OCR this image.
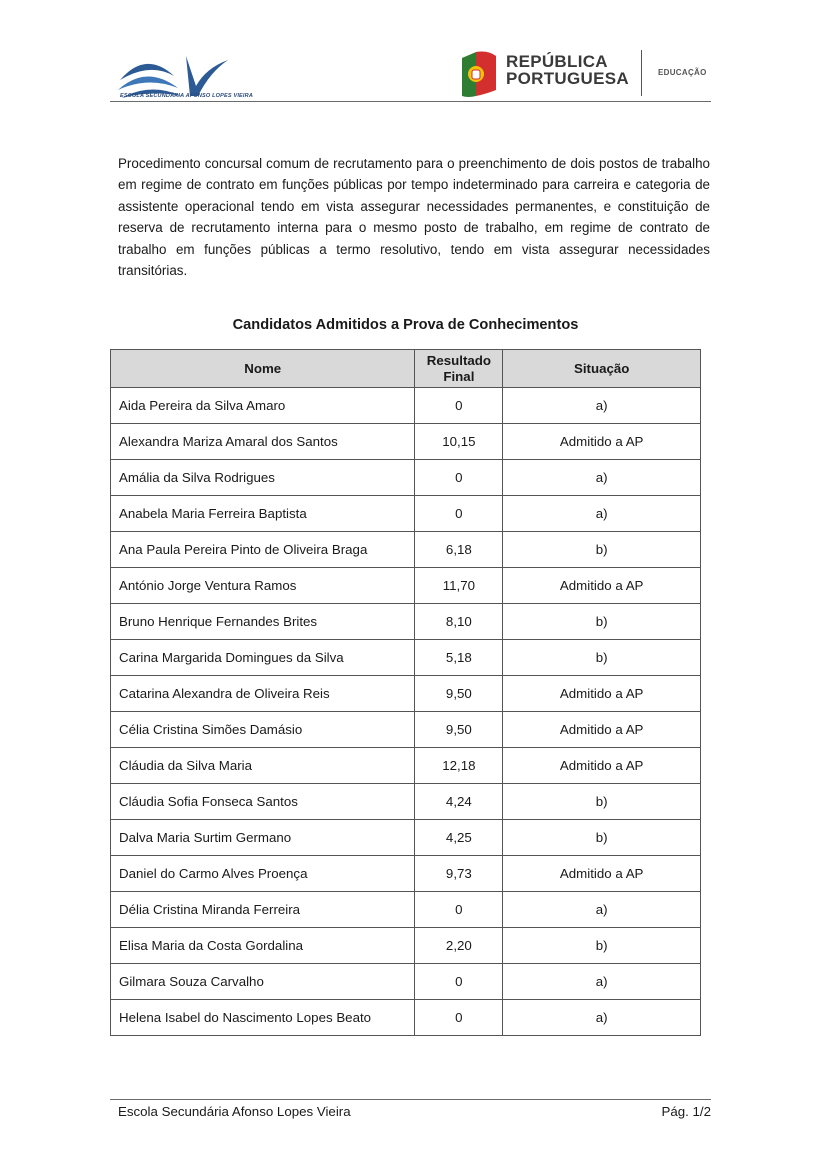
ESCOLA SECUNDÁRIA AFONSO LOPES VIEIRA
REPÚBLICA
PORTUGUESA	EDUCAÇÃO

Procedimento concursal comum de recrutamento para o preenchimento de dois postos de trabalho em regime de contrato em funções públicas por tempo indeterminado para carreira e categoria de assistente operacional tendo em vista assegurar necessidades permanentes, e constituição de reserva de recrutamento interna para o mesmo posto de trabalho, em regime de contrato de trabalho em funções públicas a termo resolutivo, tendo em vista assegurar necessidades transitórias.

Candidatos Admitidos a Prova de Conhecimentos
Nome	Resultado Final	Situação
Aida Pereira da Silva Amaro	0	a)
Alexandra Mariza Amaral dos Santos	10,15	Admitido a AP
Amália da Silva Rodrigues	0	a)
Anabela Maria Ferreira Baptista	0	a)
Ana Paula Pereira Pinto de Oliveira Braga	6,18	b)
António Jorge Ventura Ramos	11,70	Admitido a AP
Bruno Henrique Fernandes Brites	8,10	b)
Carina Margarida Domingues da Silva	5,18	b)
Catarina Alexandra de Oliveira Reis	9,50	Admitido a AP
Célia Cristina Simões Damásio	9,50	Admitido a AP
Cláudia da Silva Maria	12,18	Admitido a AP
Cláudia Sofia Fonseca Santos	4,24	b)
Dalva Maria Surtim Germano	4,25	b)
Daniel do Carmo Alves Proença	9,73	Admitido a AP
Délia Cristina Miranda Ferreira	0	a)
Elisa Maria da Costa Gordalina	2,20	b)
Gilmara Souza Carvalho	0	a)
Helena Isabel do Nascimento Lopes Beato	0	a)
Escola Secundária Afonso Lopes Vieira	Pág. 1/2
